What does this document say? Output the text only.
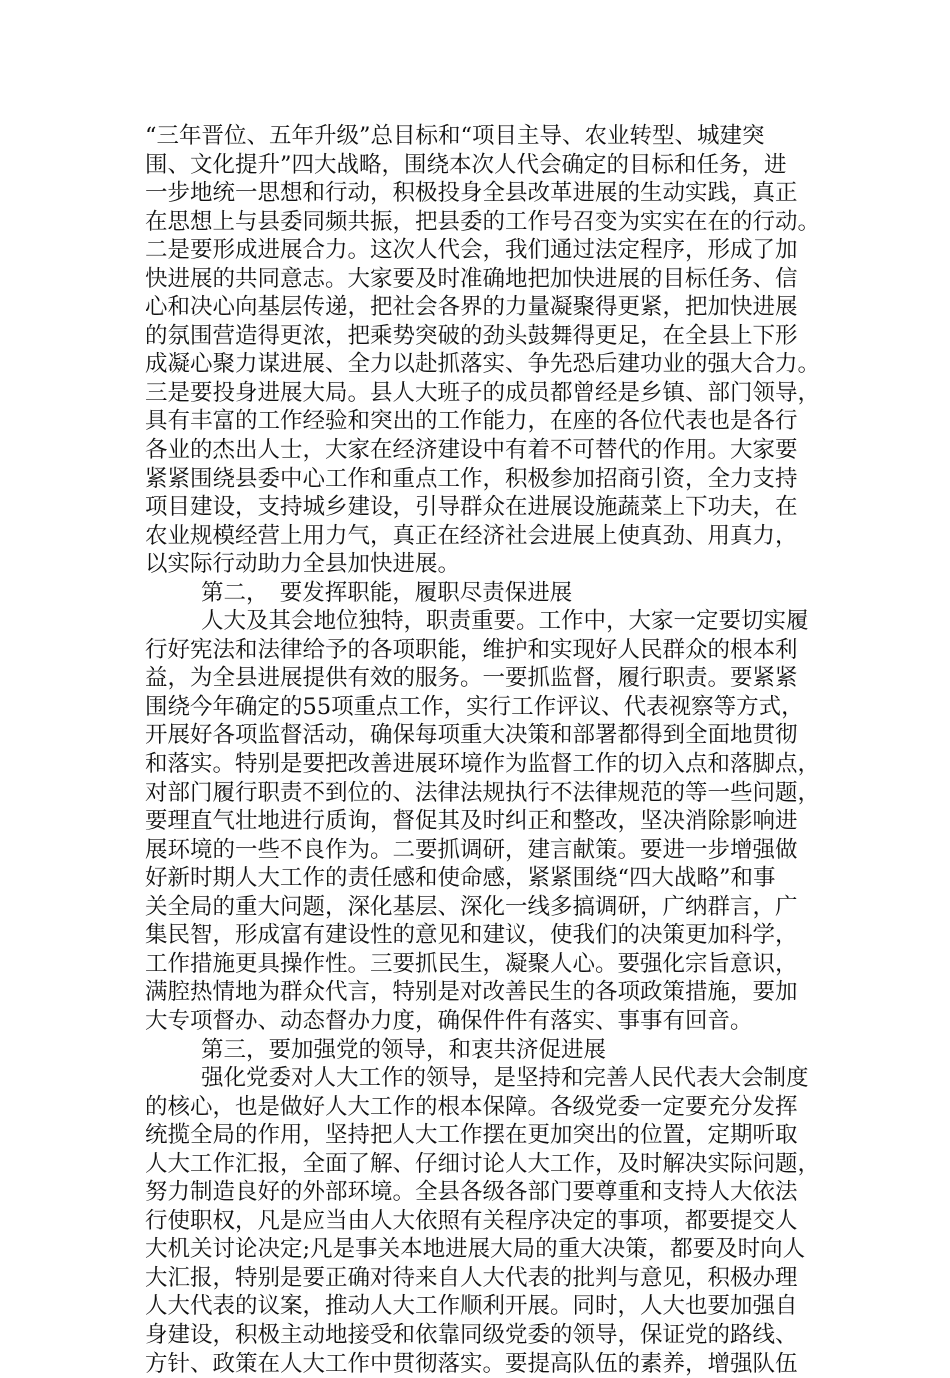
“三年晋位、五年升级”总目标和“项目主导、农业转型、城建突
围、文化提升”四大战略，围绕本次人代会确定的目标和任务，进
一步地统一思想和行动，积极投身全县改革进展的生动实践，真正
在思想上与县委同频共振，把县委的工作号召变为实实在在的行动。
二是要形成进展合力。这次人代会，我们通过法定程序，形成了加
快进展的共同意志。大家要及时准确地把加快进展的目标任务、信
心和决心向基层传递，把社会各界的力量凝聚得更紧，把加快进展
的氛围营造得更浓，把乘势突破的劲头鼓舞得更足，在全县上下形
成凝心聚力谋进展、全力以赴抓落实、争先恐后建功业的强大合力。
三是要投身进展大局。县人大班子的成员都曾经是乡镇、部门领导，
具有丰富的工作经验和突出的工作能力，在座的各位代表也是各行
各业的杰出人士，大家在经济建设中有着不可替代的作用。大家要
紧紧围绕县委中心工作和重点工作，积极参加招商引资，全力支持
项目建设，支持城乡建设，引导群众在进展设施蔬菜上下功夫，在
农业规模经营上用力气，真正在经济社会进展上使真劲、用真力，
以实际行动助力全县加快进展。
第二，　要发挥职能，履职尽责保进展
人大及其会地位独特，职责重要。工作中，大家一定要切实履
行好宪法和法律给予的各项职能，维护和实现好人民群众的根本利
益，为全县进展提供有效的服务。一要抓监督，履行职责。要紧紧
围绕今年确定的55项重点工作，实行工作评议、代表视察等方式，
开展好各项监督活动，确保每项重大决策和部署都得到全面地贯彻
和落实。特别是要把改善进展环境作为监督工作的切入点和落脚点，
对部门履行职责不到位的、法律法规执行不法律规范的等一些问题，
要理直气壮地进行质询，督促其及时纠正和整改，坚决消除影响进
展环境的一些不良作为。二要抓调研，建言献策。要进一步增强做
好新时期人大工作的责任感和使命感，紧紧围绕“四大战略”和事
关全局的重大问题，深化基层、深化一线多搞调研，广纳群言，广
集民智，形成富有建设性的意见和建议，使我们的决策更加科学，
工作措施更具操作性。三要抓民生，凝聚人心。要强化宗旨意识，
满腔热情地为群众代言，特别是对改善民生的各项政策措施，要加
大专项督办、动态督办力度，确保件件有落实、事事有回音。
第三，要加强党的领导，和衷共济促进展
强化党委对人大工作的领导，是坚持和完善人民代表大会制度
的核心，也是做好人大工作的根本保障。各级党委一定要充分发挥
统揽全局的作用，坚持把人大工作摆在更加突出的位置，定期听取
人大工作汇报，全面了解、仔细讨论人大工作，及时解决实际问题，
努力制造良好的外部环境。全县各级各部门要尊重和支持人大依法
行使职权，凡是应当由人大依照有关程序决定的事项，都要提交人
大机关讨论决定;凡是事关本地进展大局的重大决策，都要及时向人
大汇报，特别是要正确对待来自人大代表的批判与意见，积极办理
人大代表的议案，推动人大工作顺利开展。同时，人大也要加强自
身建设，积极主动地接受和依靠同级党委的领导，保证党的路线、
方针、政策在人大工作中贯彻落实。要提高队伍的素养，增强队伍
